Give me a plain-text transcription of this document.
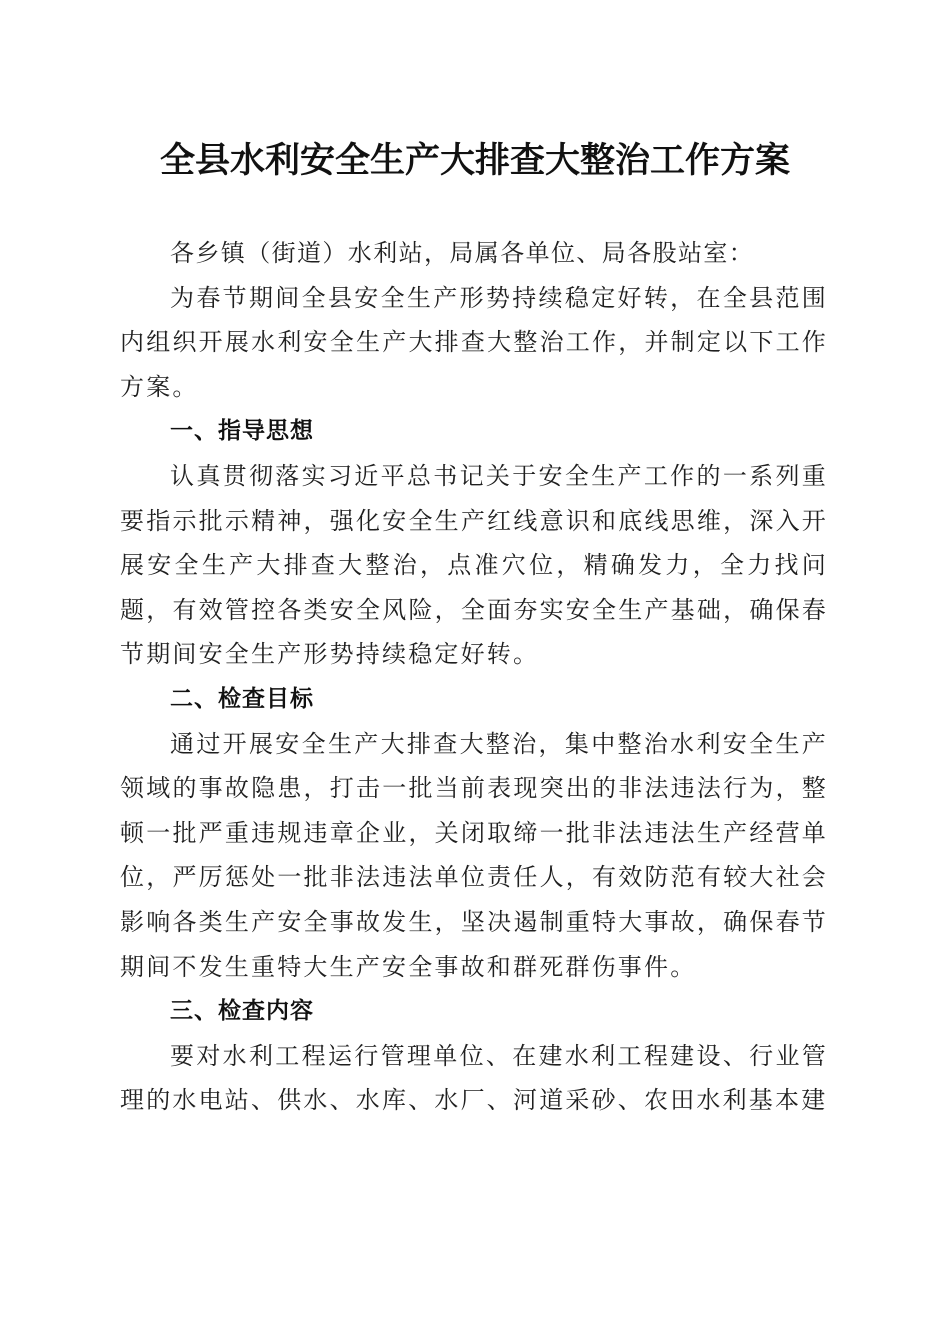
全县水利安全生产大排查大整治工作方案

各乡镇（街道）水利站，局属各单位、局各股站室：

为春节期间全县安全生产形势持续稳定好转，在全县范围内组织开展水利安全生产大排查大整治工作，并制定以下工作方案。

一、指导思想

认真贯彻落实习近平总书记关于安全生产工作的一系列重要指示批示精神，强化安全生产红线意识和底线思维，深入开展安全生产大排查大整治，点准穴位，精确发力，全力找问题，有效管控各类安全风险，全面夯实安全生产基础，确保春节期间安全生产形势持续稳定好转。

二、检查目标

通过开展安全生产大排查大整治，集中整治水利安全生产领域的事故隐患，打击一批当前表现突出的非法违法行为，整顿一批严重违规违章企业，关闭取缔一批非法违法生产经营单位，严厉惩处一批非法违法单位责任人，有效防范有较大社会影响各类生产安全事故发生，坚决遏制重特大事故，确保春节期间不发生重特大生产安全事故和群死群伤事件。

三、检查内容

要对水利工程运行管理单位、在建水利工程建设、行业管理的水电站、供水、水库、水厂、河道采砂、农田水利基本建
